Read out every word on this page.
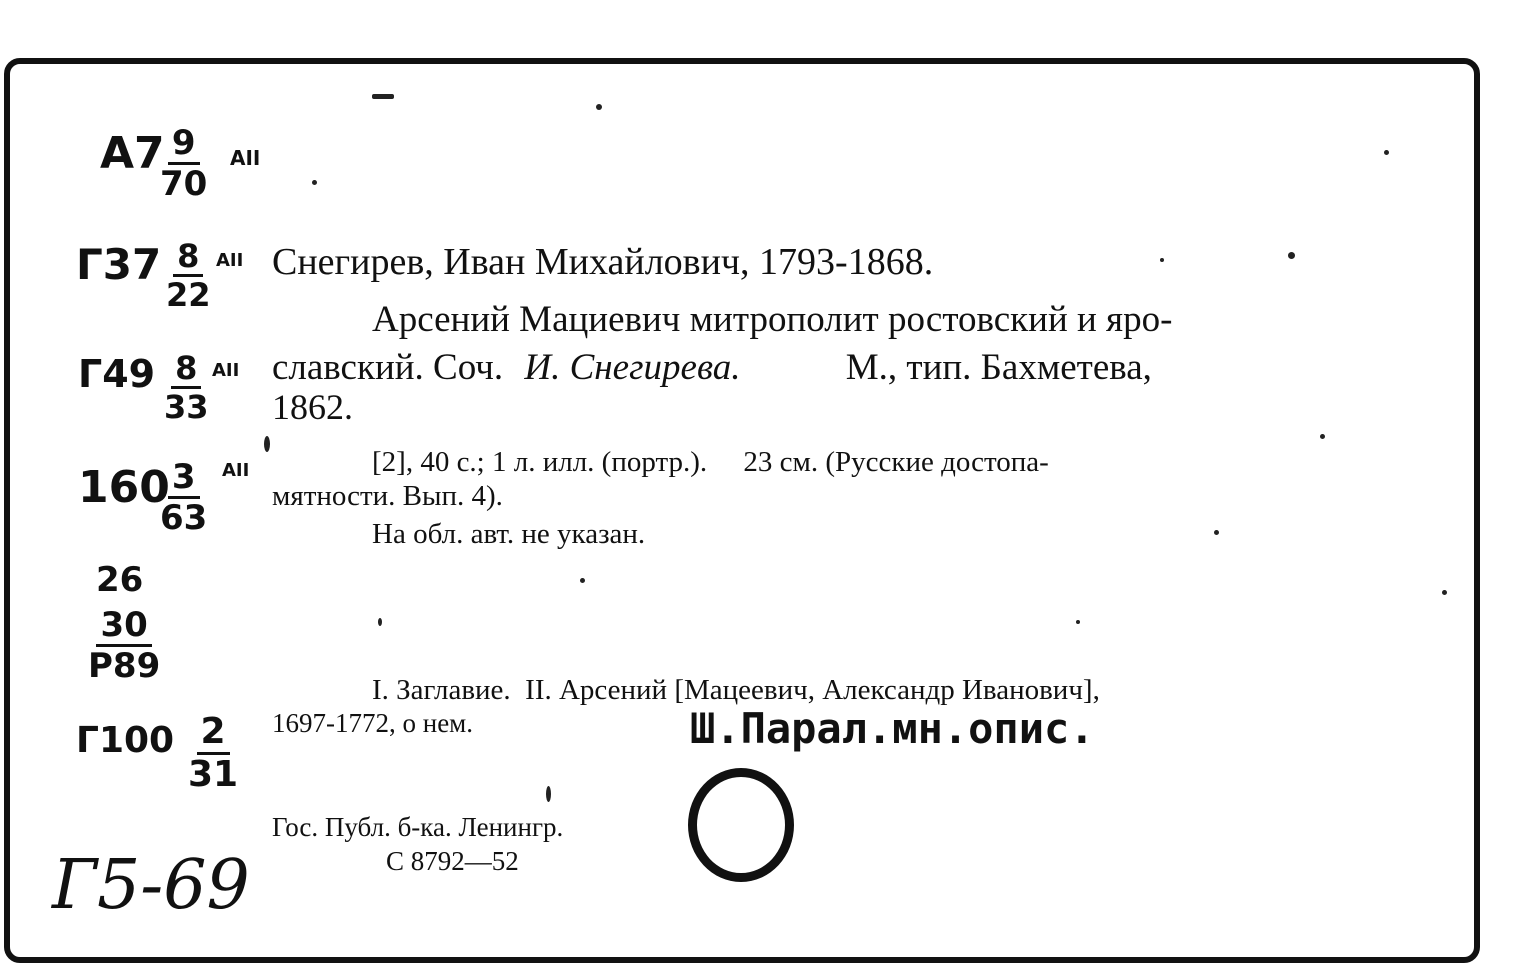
А7
$\frac{9}{70}$ АII
$Г37 \frac{8}{22}$ АII
$Г49 \frac{8}{33}$ АII
160
$\frac{3}{63}$ АII
26
30
Р89
$Г100 \frac{2}{31}$
Г5-69
Снегирев, Иван Михайлович, 1793-1868.
Арсений Мациевич митрополит ростовский и яро-
славский. Соч. И. Снегирева.	М., тип. Бахметева,
1862.
[2], 40 с.; 1 л. илл. (портр.).     23 см. (Русские достопа-
мятности. Вып. 4).
На обл. авт. не указан.
I. Заглавие.  II. Арсений [Мацеевич, Александр Иванович],
1697-1772, о нем.	Ш.Парал.мн.опис.
Гос. Публ. б-ка. Ленингр.
С 8792—52
